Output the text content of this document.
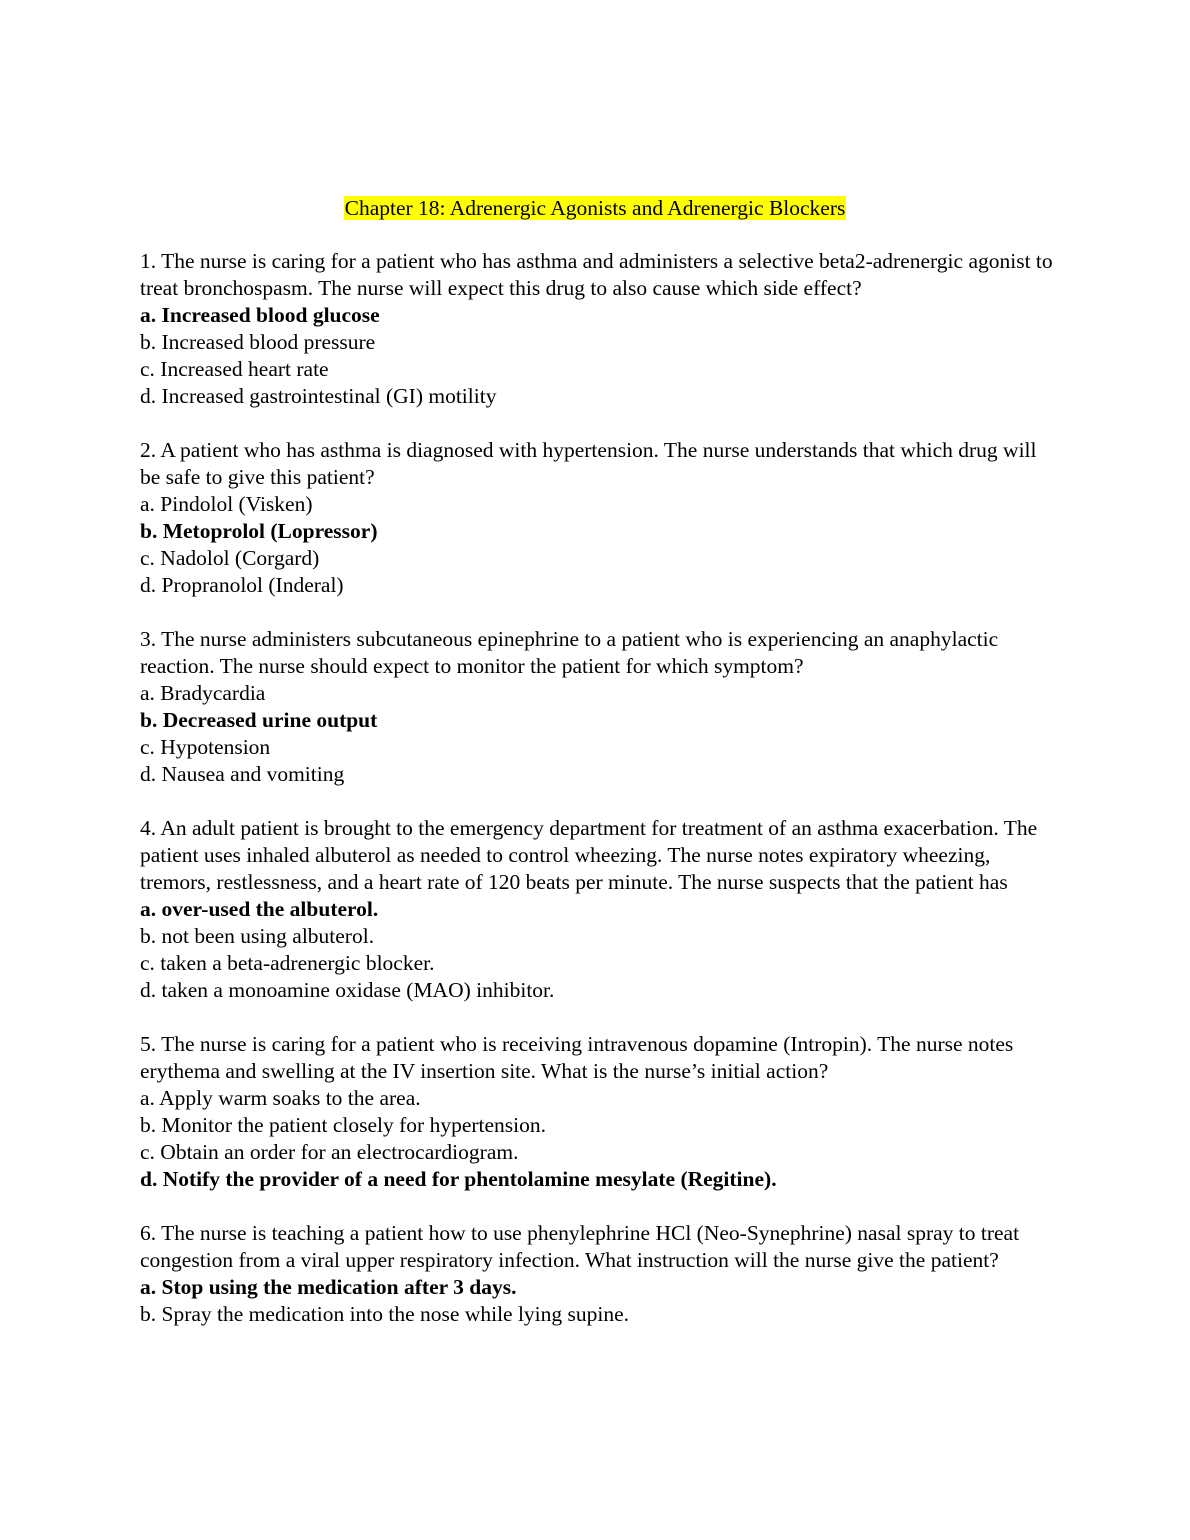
Chapter 18: Adrenergic Agonists and Adrenergic Blockers
1. The nurse is caring for a patient who has asthma and administers a selective beta2-adrenergic agonist to treat bronchospasm. The nurse will expect this drug to also cause which side effect?
a. Increased blood glucose
b. Increased blood pressure
c. Increased heart rate
d. Increased gastrointestinal (GI) motility
2. A patient who has asthma is diagnosed with hypertension. The nurse understands that which drug will be safe to give this patient?
a. Pindolol (Visken)
b. Metoprolol (Lopressor)
c. Nadolol (Corgard)
d. Propranolol (Inderal)
3. The nurse administers subcutaneous epinephrine to a patient who is experiencing an anaphylactic reaction. The nurse should expect to monitor the patient for which symptom?
a. Bradycardia
b. Decreased urine output
c. Hypotension
d. Nausea and vomiting
4. An adult patient is brought to the emergency department for treatment of an asthma exacerbation. The patient uses inhaled albuterol as needed to control wheezing. The nurse notes expiratory wheezing, tremors, restlessness, and a heart rate of 120 beats per minute. The nurse suspects that the patient has
a. over-used the albuterol.
b. not been using albuterol.
c. taken a beta-adrenergic blocker.
d. taken a monoamine oxidase (MAO) inhibitor.
5. The nurse is caring for a patient who is receiving intravenous dopamine (Intropin). The nurse notes erythema and swelling at the IV insertion site. What is the nurse’s initial action?
a. Apply warm soaks to the area.
b. Monitor the patient closely for hypertension.
c. Obtain an order for an electrocardiogram.
d. Notify the provider of a need for phentolamine mesylate (Regitine).
6. The nurse is teaching a patient how to use phenylephrine HCl (Neo-Synephrine) nasal spray to treat congestion from a viral upper respiratory infection. What instruction will the nurse give the patient?
a. Stop using the medication after 3 days.
b. Spray the medication into the nose while lying supine.
